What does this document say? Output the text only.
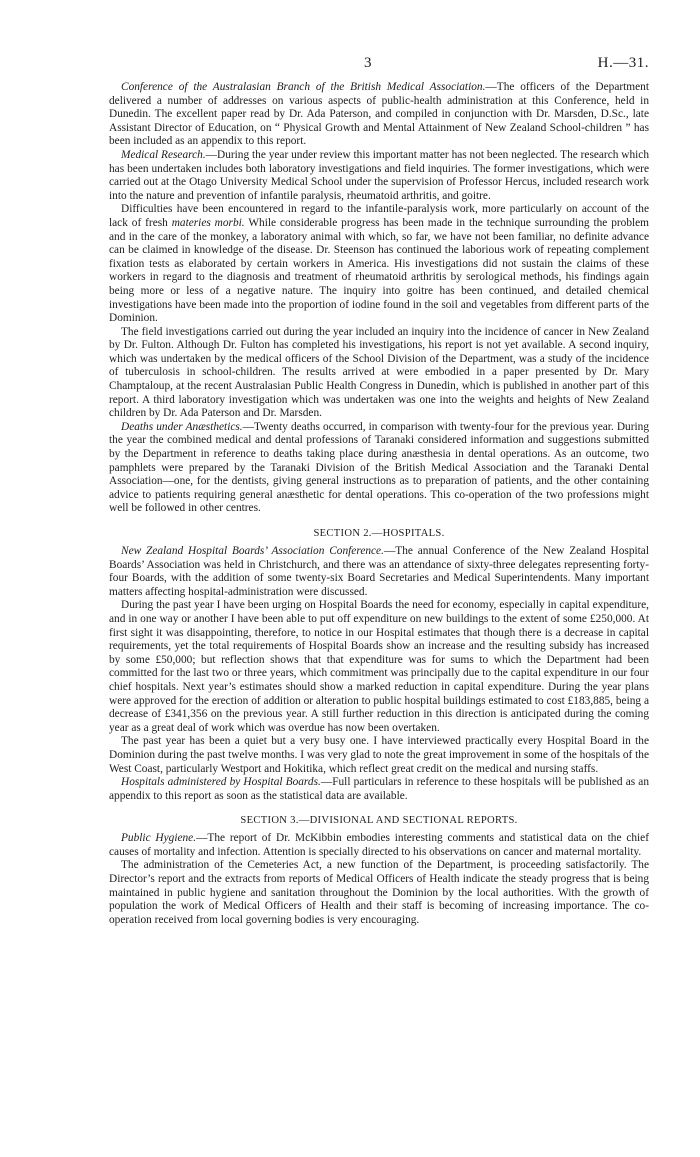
3	H.—31.

Conference of the Australasian Branch of the British Medical Association.—The officers of the Department delivered a number of addresses on various aspects of public-health administration at this Conference, held in Dunedin. The excellent paper read by Dr. Ada Paterson, and compiled in conjunction with Dr. Marsden, D.Sc., late Assistant Director of Education, on “ Physical Growth and Mental Attainment of New Zealand School-children ” has been included as an appendix to this report.

Medical Research.—During the year under review this important matter has not been neglected. The research which has been undertaken includes both laboratory investigations and field inquiries. The former investigations, which were carried out at the Otago University Medical School under the supervision of Professor Hercus, included research work into the nature and prevention of infantile paralysis, rheumatoid arthritis, and goitre.

Difficulties have been encountered in regard to the infantile-paralysis work, more particularly on account of the lack of fresh materies morbi. While considerable progress has been made in the technique surrounding the problem and in the care of the monkey, a laboratory animal with which, so far, we have not been familiar, no definite advance can be claimed in knowledge of the disease. Dr. Steenson has continued the laborious work of repeating complement fixation tests as elaborated by certain workers in America. His investigations did not sustain the claims of these workers in regard to the diagnosis and treatment of rheumatoid arthritis by serological methods, his findings again being more or less of a negative nature. The inquiry into goitre has been continued, and detailed chemical investigations have been made into the proportion of iodine found in the soil and vegetables from different parts of the Dominion.

The field investigations carried out during the year included an inquiry into the incidence of cancer in New Zealand by Dr. Fulton. Although Dr. Fulton has completed his investigations, his report is not yet available. A second inquiry, which was undertaken by the medical officers of the School Division of the Department, was a study of the incidence of tuberculosis in school-children. The results arrived at were embodied in a paper presented by Dr. Mary Champtaloup, at the recent Australasian Public Health Congress in Dunedin, which is published in another part of this report. A third laboratory investigation which was undertaken was one into the weights and heights of New Zealand children by Dr. Ada Paterson and Dr. Marsden.

Deaths under Anæsthetics.—Twenty deaths occurred, in comparison with twenty-four for the previous year. During the year the combined medical and dental professions of Taranaki considered information and suggestions submitted by the Department in reference to deaths taking place during anæsthesia in dental operations. As an outcome, two pamphlets were prepared by the Taranaki Division of the British Medical Association and the Taranaki Dental Association—one, for the dentists, giving general instructions as to preparation of patients, and the other containing advice to patients requiring general anæsthetic for dental operations. This co-operation of the two professions might well be followed in other centres.

SECTION 2.—HOSPITALS.

New Zealand Hospital Boards’ Association Conference.—The annual Conference of the New Zealand Hospital Boards’ Association was held in Christchurch, and there was an attendance of sixty-three delegates representing forty-four Boards, with the addition of some twenty-six Board Secretaries and Medical Superintendents. Many important matters affecting hospital-administration were discussed.

During the past year I have been urging on Hospital Boards the need for economy, especially in capital expenditure, and in one way or another I have been able to put off expenditure on new buildings to the extent of some £250,000. At first sight it was disappointing, therefore, to notice in our Hospital estimates that though there is a decrease in capital requirements, yet the total requirements of Hospital Boards show an increase and the resulting subsidy has increased by some £50,000; but reflection shows that that expenditure was for sums to which the Department had been committed for the last two or three years, which commitment was principally due to the capital expenditure in our four chief hospitals. Next year’s estimates should show a marked reduction in capital expenditure. During the year plans were approved for the erection of addition or alteration to public hospital buildings estimated to cost £183,885, being a decrease of £341,356 on the previous year. A still further reduction in this direction is anticipated during the coming year as a great deal of work which was overdue has now been overtaken.

The past year has been a quiet but a very busy one. I have interviewed practically every Hospital Board in the Dominion during the past twelve months. I was very glad to note the great improvement in some of the hospitals of the West Coast, particularly Westport and Hokitika, which reflect great credit on the medical and nursing staffs.

Hospitals administered by Hospital Boards.—Full particulars in reference to these hospitals will be published as an appendix to this report as soon as the statistical data are available.

SECTION 3.—DIVISIONAL AND SECTIONAL REPORTS.

Public Hygiene.—The report of Dr. McKibbin embodies interesting comments and statistical data on the chief causes of mortality and infection. Attention is specially directed to his observations on cancer and maternal mortality.

The administration of the Cemeteries Act, a new function of the Department, is proceeding satisfactorily. The Director’s report and the extracts from reports of Medical Officers of Health indicate the steady progress that is being maintained in public hygiene and sanitation throughout the Dominion by the local authorities. With the growth of population the work of Medical Officers of Health and their staff is becoming of increasing importance. The co-operation received from local governing bodies is very encouraging.
